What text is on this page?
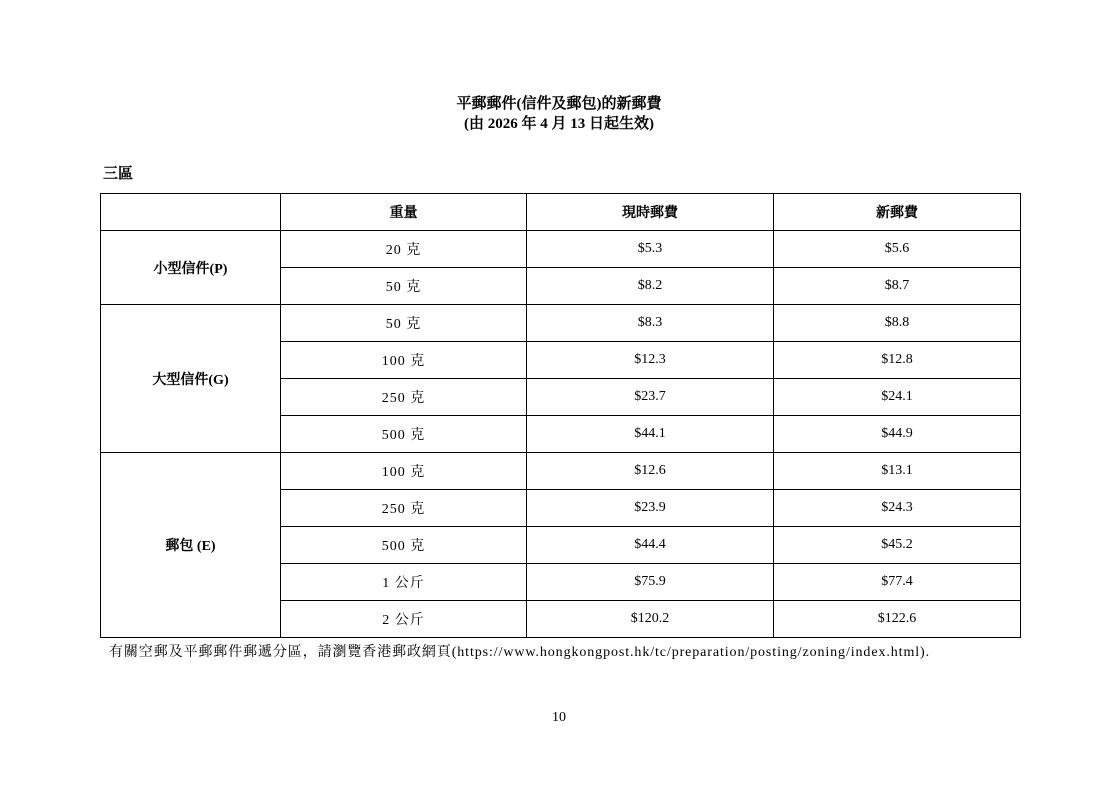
平郵郵件(信件及郵包)的新郵費
(由 2026 年 4 月 13 日起生效)
三區
	重量	現時郵費	新郵費
小型信件(P)	20 克	$5.3	$5.6
	50 克	$8.2	$8.7
大型信件(G)	50 克	$8.3	$8.8
	100 克	$12.3	$12.8
	250 克	$23.7	$24.1
	500 克	$44.1	$44.9
郵包 (E)	100 克	$12.6	$13.1
	250 克	$23.9	$24.3
	500 克	$44.4	$45.2
	1 公斤	$75.9	$77.4
	2 公斤	$120.2	$122.6
有關空郵及平郵郵件郵遞分區，請瀏覽香港郵政網頁(https://www.hongkongpost.hk/tc/preparation/posting/zoning/index.html).
10
